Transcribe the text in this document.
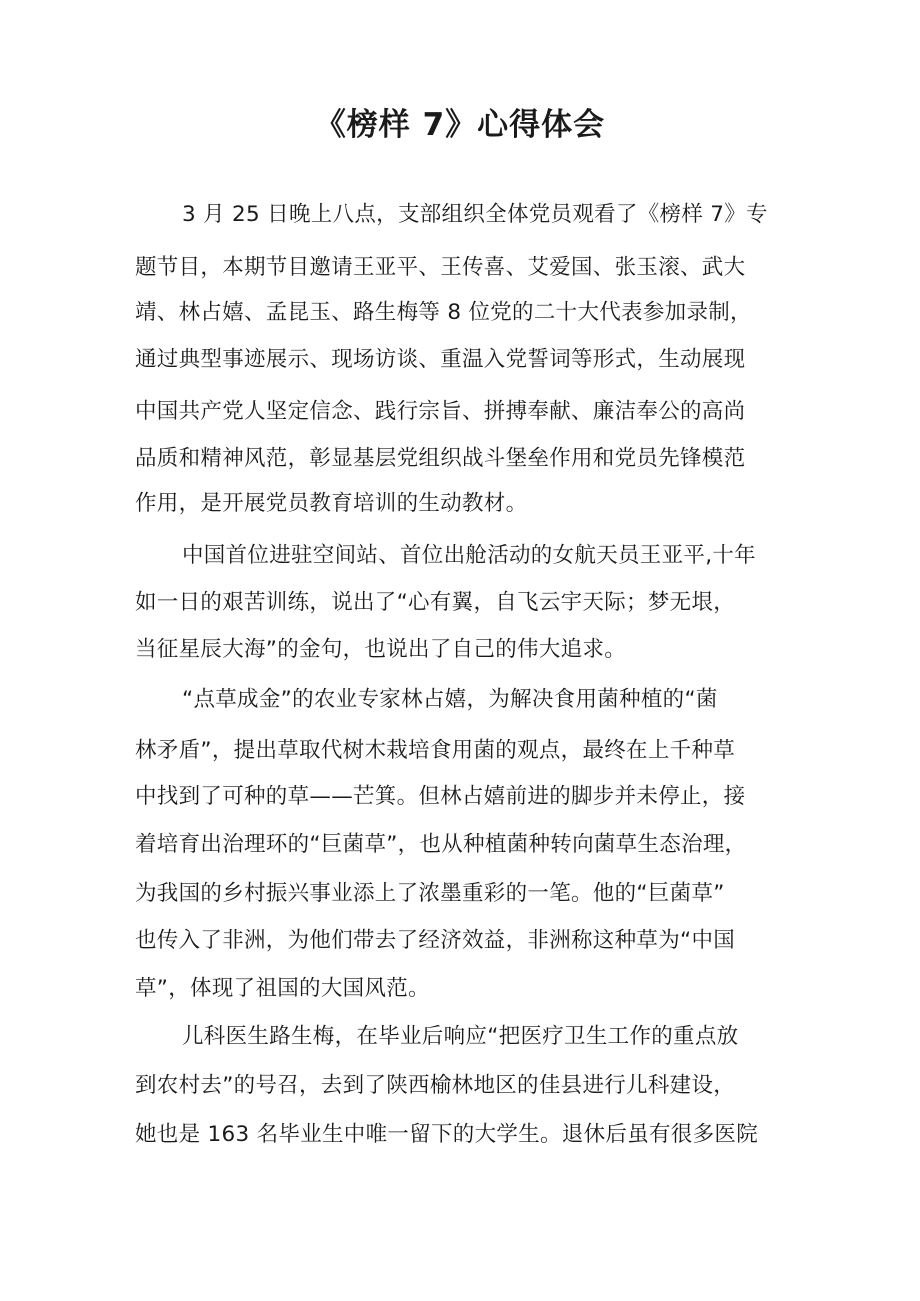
《榜样 7》心得体会
3 月 25 日晚上八点，支部组织全体党员观看了《榜样 7》专
题节目，本期节目邀请王亚平、王传喜、艾爱国、张玉滚、武大
靖、林占嬉、孟昆玉、路生梅等 8 位党的二十大代表参加录制，
通过典型事迹展示、现场访谈、重温入党誓词等形式，生动展现
中国共产党人坚定信念、践行宗旨、拼搏奉献、廉洁奉公的高尚
品质和精神风范，彰显基层党组织战斗堡垒作用和党员先锋模范
作用，是开展党员教育培训的生动教材。
中国首位进驻空间站、首位出舱活动的女航天员王亚平,十年
如一日的艰苦训练，说出了“心有翼，自飞云宇天际；梦无垠，
当征星辰大海”的金句，也说出了自己的伟大追求。
“点草成金”的农业专家林占嬉，为解决食用菌种植的“菌
林矛盾”，提出草取代树木栽培食用菌的观点，最终在上千种草
中找到了可种的草——芒箕。但林占嬉前进的脚步并未停止，接
着培育出治理环的“巨菌草”，也从种植菌种转向菌草生态治理，
为我国的乡村振兴事业添上了浓墨重彩的一笔。他的“巨菌草”
也传入了非洲，为他们带去了经济效益，非洲称这种草为“中国
草”，体现了祖国的大国风范。
儿科医生路生梅，在毕业后响应“把医疗卫生工作的重点放
到农村去”的号召，去到了陕西榆林地区的佳县进行儿科建设，
她也是 163 名毕业生中唯一留下的大学生。退休后虽有很多医院
